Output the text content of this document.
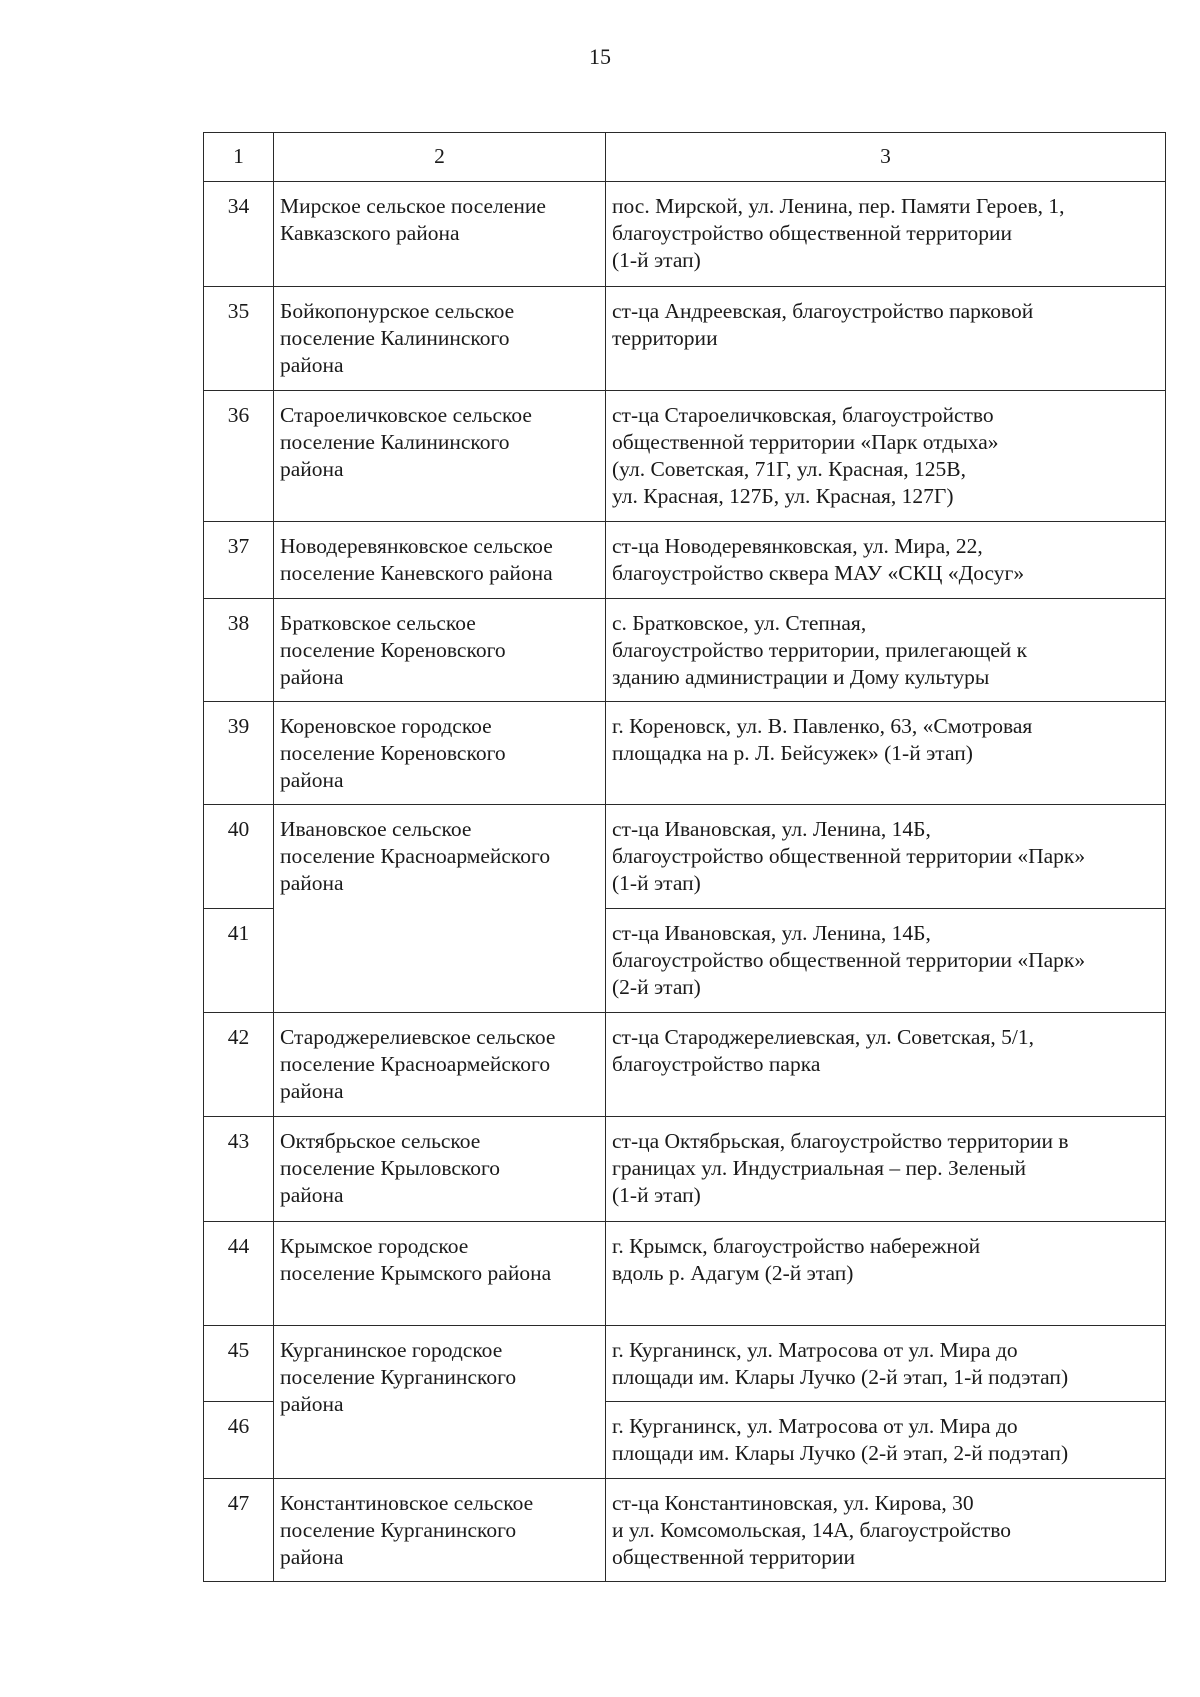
15
1	2	3
34	Мирское сельское поселение
Кавказского района	пос. Мирской, ул. Ленина, пер. Памяти Героев, 1,
благоустройство общественной территории
(1-й этап)
35	Бойкопонурское сельское
поселение Калининского
района	ст-ца Андреевская, благоустройство парковой
территории
36	Староеличковское сельское
поселение Калининского
района	ст-ца Староеличковская, благоустройство
общественной территории «Парк отдыха»
(ул. Советская, 71Г, ул. Красная, 125В,
ул. Красная, 127Б, ул. Красная, 127Г)
37	Новодеревянковское сельское
поселение Каневского района	ст-ца Новодеревянковская, ул. Мира, 22,
благоустройство сквера МАУ «СКЦ «Досуг»
38	Братковское сельское
поселение Кореновского
района	с. Братковское, ул. Степная,
благоустройство территории, прилегающей к
зданию администрации и Дому культуры
39	Кореновское городское
поселение Кореновского
района	г. Кореновск, ул. В. Павленко, 63, «Смотровая
площадка на р. Л. Бейсужек» (1-й этап)
40	Ивановское сельское
поселение Красноармейского
района	ст-ца Ивановская, ул. Ленина, 14Б,
благоустройство общественной территории «Парк»
(1-й этап)
41		ст-ца Ивановская, ул. Ленина, 14Б,
благоустройство общественной территории «Парк»
(2-й этап)
42	Староджерелиевское сельское
поселение Красноармейского
района	ст-ца Староджерелиевская, ул. Советская, 5/1,
благоустройство парка
43	Октябрьское сельское
поселение Крыловского
района	ст-ца Октябрьская, благоустройство территории в
границах ул. Индустриальная – пер. Зеленый
(1-й этап)
44	Крымское городское
поселение Крымского района	г. Крымск, благоустройство набережной
вдоль р. Адагум (2-й этап)
45	Курганинское городское
поселение Курганинского
района	г. Курганинск, ул. Матросова от ул. Мира до
площади им. Клары Лучко (2-й этап, 1-й подэтап)
46		г. Курганинск, ул. Матросова от ул. Мира до
площади им. Клары Лучко (2-й этап, 2-й подэтап)
47	Константиновское сельское
поселение Курганинского
района	ст-ца Константиновская, ул. Кирова, 30
и ул. Комсомольская, 14А, благоустройство
общественной территории
